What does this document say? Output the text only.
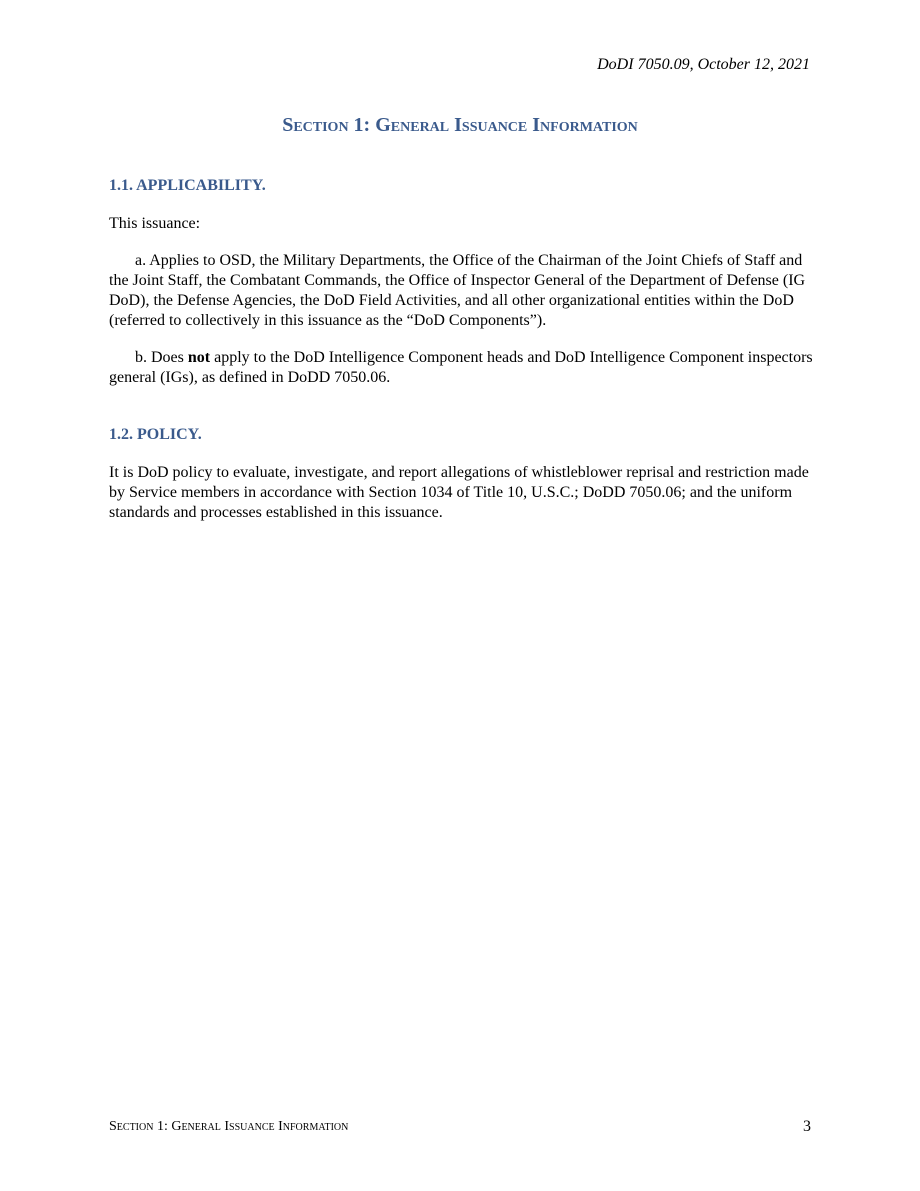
DoDI 7050.09, October 12, 2021
Section 1: General Issuance Information

1.1. APPLICABILITY.

This issuance:

a. Applies to OSD, the Military Departments, the Office of the Chairman of the Joint Chiefs of Staff and the Joint Staff, the Combatant Commands, the Office of Inspector General of the Department of Defense (IG DoD), the Defense Agencies, the DoD Field Activities, and all other organizational entities within the DoD (referred to collectively in this issuance as the “DoD Components”).

b. Does not apply to the DoD Intelligence Component heads and DoD Intelligence Component inspectors general (IGs), as defined in DoDD 7050.06.

1.2. POLICY.

It is DoD policy to evaluate, investigate, and report allegations of whistleblower reprisal and restriction made by Service members in accordance with Section 1034 of Title 10, U.S.C.; DoDD 7050.06; and the uniform standards and processes established in this issuance.

Section 1: General Issuance Information	3
